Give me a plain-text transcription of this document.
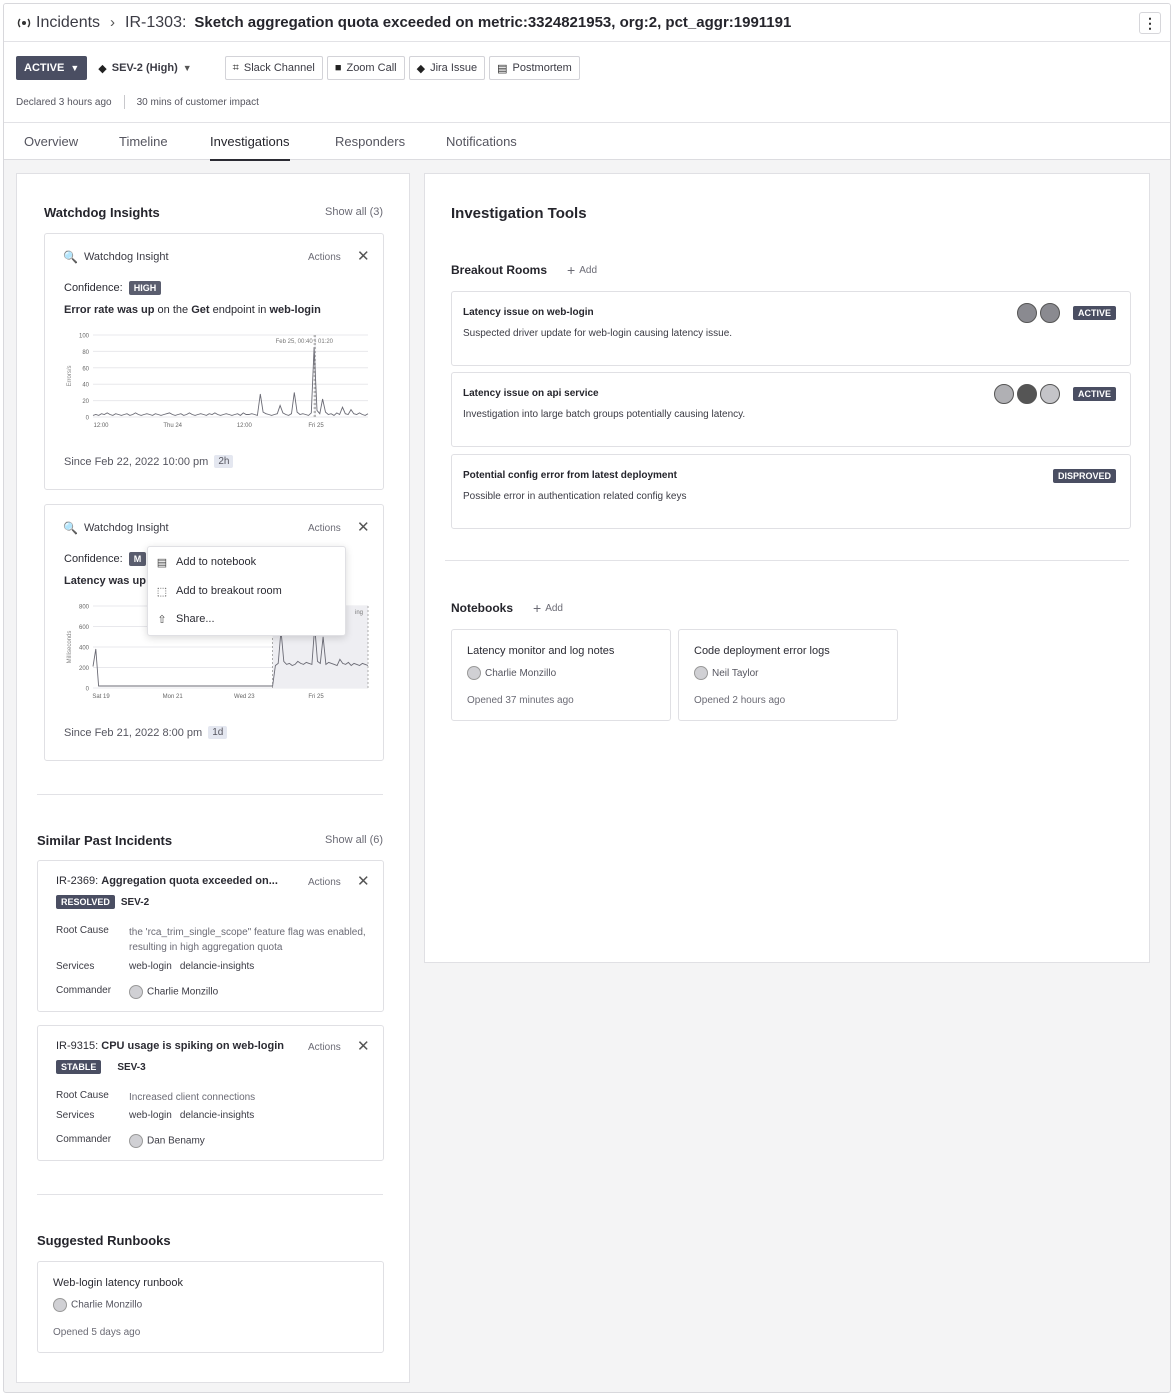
Incidents › IR-1303: Sketch aggregation quota exceeded on metric:3324821953, org:2, pct_aggr:1991191	⋮
ACTIVE ▼ ◆ SEV-2 (High) ▼	⌗ Slack Channel ■ Zoom Call ◆ Jira Issue ▤ Postmortem
Declared 3 hours ago	30 mins of customer impact
Overview	Timeline	Investigations	Responders	Notifications
Watchdog Insights	Show all (3)
🔍 Watchdog Insight	Actions ✕
Confidence:	HIGH
Error rate was up on the Get endpoint in web-login
100
80
60
40
20
0
Errors/s
Feb 25, 00:40 - 01:20
12:00	Thu 24	12:00	Fri 25
Since Feb 22, 2022 10:00 pm	2h
🔍 Watchdog Insight	Actions ✕
Confidence:	M
Latency was up
800
600
400
200
0
Milliseconds
ing
Sat 19	Mon 21	Wed 23	Fri 25
Since Feb 21, 2022 8:00 pm	1d
Similar Past Incidents	Show all (6)
IR-2369: Aggregation quota exceeded on...	Actions ✕
RESOLVED	SEV-2
Root Cause	the 'rca_trim_single_scope" feature flag was enabled, resulting in high aggregation quota
Services	web-login delancie-insights
Commander	Charlie Monzillo
IR-9315: CPU usage is spiking on web-login	Actions ✕
STABLE	SEV-3
Root Cause	Increased client connections
Services	web-login delancie-insights
Commander	Dan Benamy
Suggested Runbooks
Web-login latency runbook
Charlie Monzillo
Opened 5 days ago
▤ Add to notebook
⬚ Add to breakout room
⇧ Share...
Investigation Tools
Breakout Rooms + Add
Latency issue on web-login
Suspected driver update for web-login causing latency issue.
ACTIVE
Latency issue on api service
Investigation into large batch groups potentially causing latency.
ACTIVE
Potential config error from latest deployment
Possible error in authentication related config keys
DISPROVED
Notebooks + Add
Latency monitor and log notes
Charlie Monzillo
Opened 37 minutes ago
Code deployment error logs
Neil Taylor
Opened 2 hours ago
